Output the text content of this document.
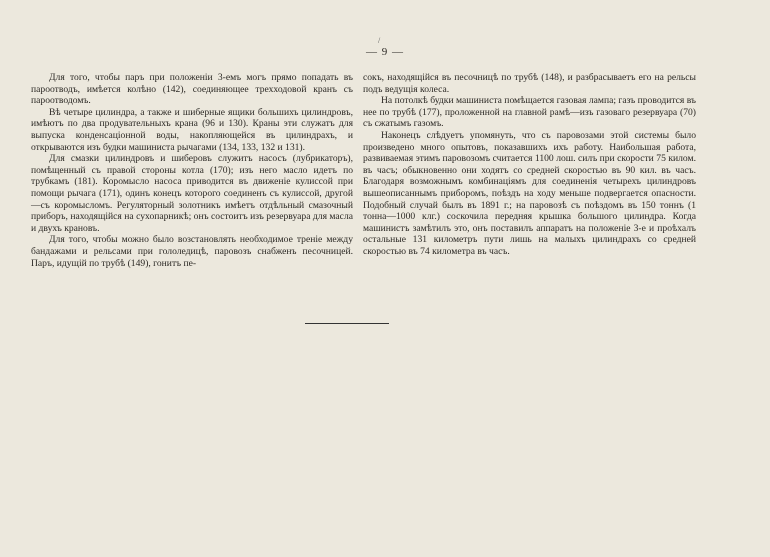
/
— 9 —

Для того, чтобы паръ при положеніи 3-емъ могъ прямо попадать въ пароотводъ, имѣется колѣно (142), соединяющее трехходовой кранъ съ пароотводомъ.

Вѣ четыре цилиндра, а также и шиберные ящики большихъ цилиндровъ, имѣютъ по два продувательныхъ крана (96 и 130). Краны эти служатъ для выпуска конденсаціонной воды, накопляющейся въ цилиндрахъ, и открываются изъ будки машиниста рычагами (134, 133, 132 и 131).

Для смазки цилиндровъ и шиберовъ служитъ насосъ (лубрикаторъ), помѣщенный съ правой стороны котла (170); изъ него масло идетъ по трубкамъ (181). Коромысло насоса приводится въ движеніе кулиссой при помощи рычага (171), одинъ конецъ которого соединенъ съ кулиссой, другой—съ коромысломъ. Регуляторный золотникъ имѣетъ отдѣльный смазочный приборъ, находящійся на сухопарникѣ; онъ состоитъ изъ резервуара для масла и двухъ крановъ.

Для того, чтобы можно было возстановлять необходимое треніе между бандажами и рельсами при гололедицѣ, паровозъ снабженъ песочницей. Паръ, идущій по трубѣ (149), гонитъ пе-

сокъ, находящійся въ песочницѣ по трубѣ (148), и разбрасываетъ его на рельсы подъ ведущія колеса.

На потолкѣ будки машиниста помѣщается газовая лампа; газъ проводится въ нее по трубѣ (177), проложенной на главной рамѣ—изъ газоваго резервуара (70) съ сжатымъ газомъ.

Наконецъ слѣдуетъ упомянуть, что съ паровозами этой системы было произведено много опытовъ, показавшихъ ихъ работу. Наибольшая работа, развиваемая этимъ паровозомъ считается 1100 лош. силъ при скорости 75 килом. въ часъ; обыкновенно они ходятъ со средней скоростью въ 90 кил. въ часъ. Благодаря возможнымъ комбинаціямъ для соединенія четырехъ цилиндровъ вышеописаннымъ приборомъ, поѣздъ на ходу меньше подвергается опасности. Подобный случай былъ въ 1891 г.; на паровозѣ съ поѣздомъ въ 150 тоннъ (1 тонна—1000 клг.) соскочила передняя крышка большого цилиндра. Когда машинистъ замѣтилъ это, онъ поставилъ аппаратъ на положеніе 3-е и проѣхалъ остальные 131 километръ пути лишь на малыхъ цилиндрахъ со средней скоростью въ 74 километра въ часъ.
